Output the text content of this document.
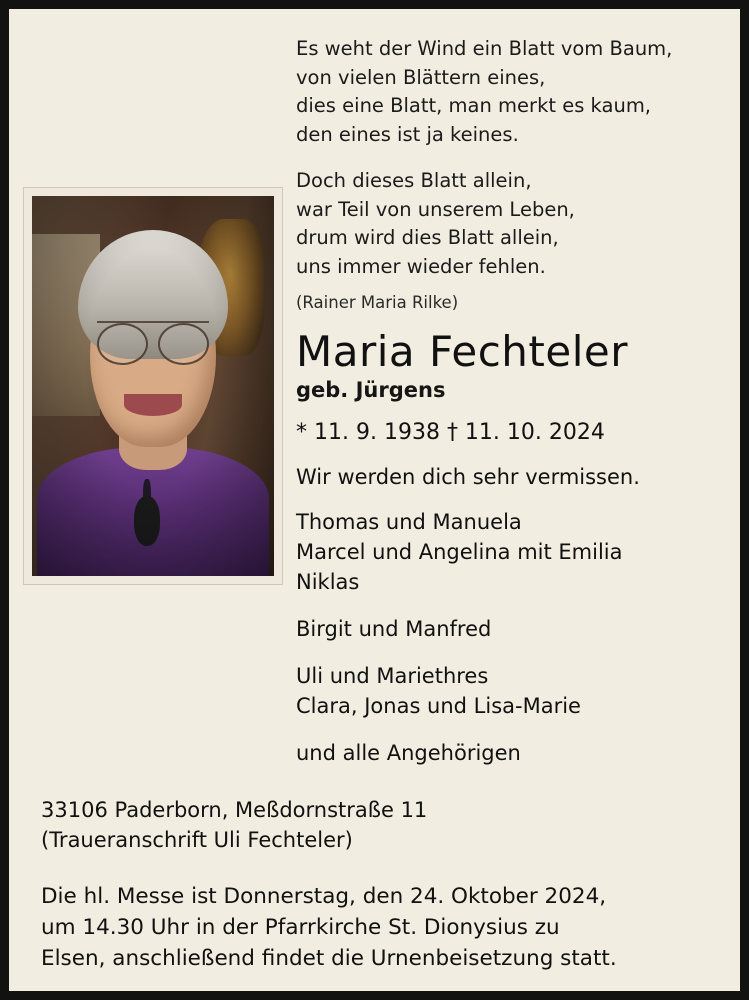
Es weht der Wind ein Blatt vom Baum,
von vielen Blättern eines,
dies eine Blatt, man merkt es kaum,
den eines ist ja keines.
Doch dieses Blatt allein,
war Teil von unserem Leben,
drum wird dies Blatt allein,
uns immer wieder fehlen.
(Rainer Maria Rilke)
Maria Fechteler
geb. Jürgens
* 11. 9. 1938 † 11. 10. 2024
Wir werden dich sehr vermissen.
Thomas und Manuela
Marcel und Angelina mit Emilia
Niklas
Birgit und Manfred
Uli und Mariethres
Clara, Jonas und Lisa-Marie
und alle Angehörigen
33106 Paderborn, Meßdornstraße 11
(Traueranschrift Uli Fechteler)
Die hl. Messe ist Donnerstag, den 24. Oktober 2024,
um 14.30 Uhr in der Pfarrkirche St. Dionysius zu
Elsen, anschließend findet die Urnenbeisetzung statt.
